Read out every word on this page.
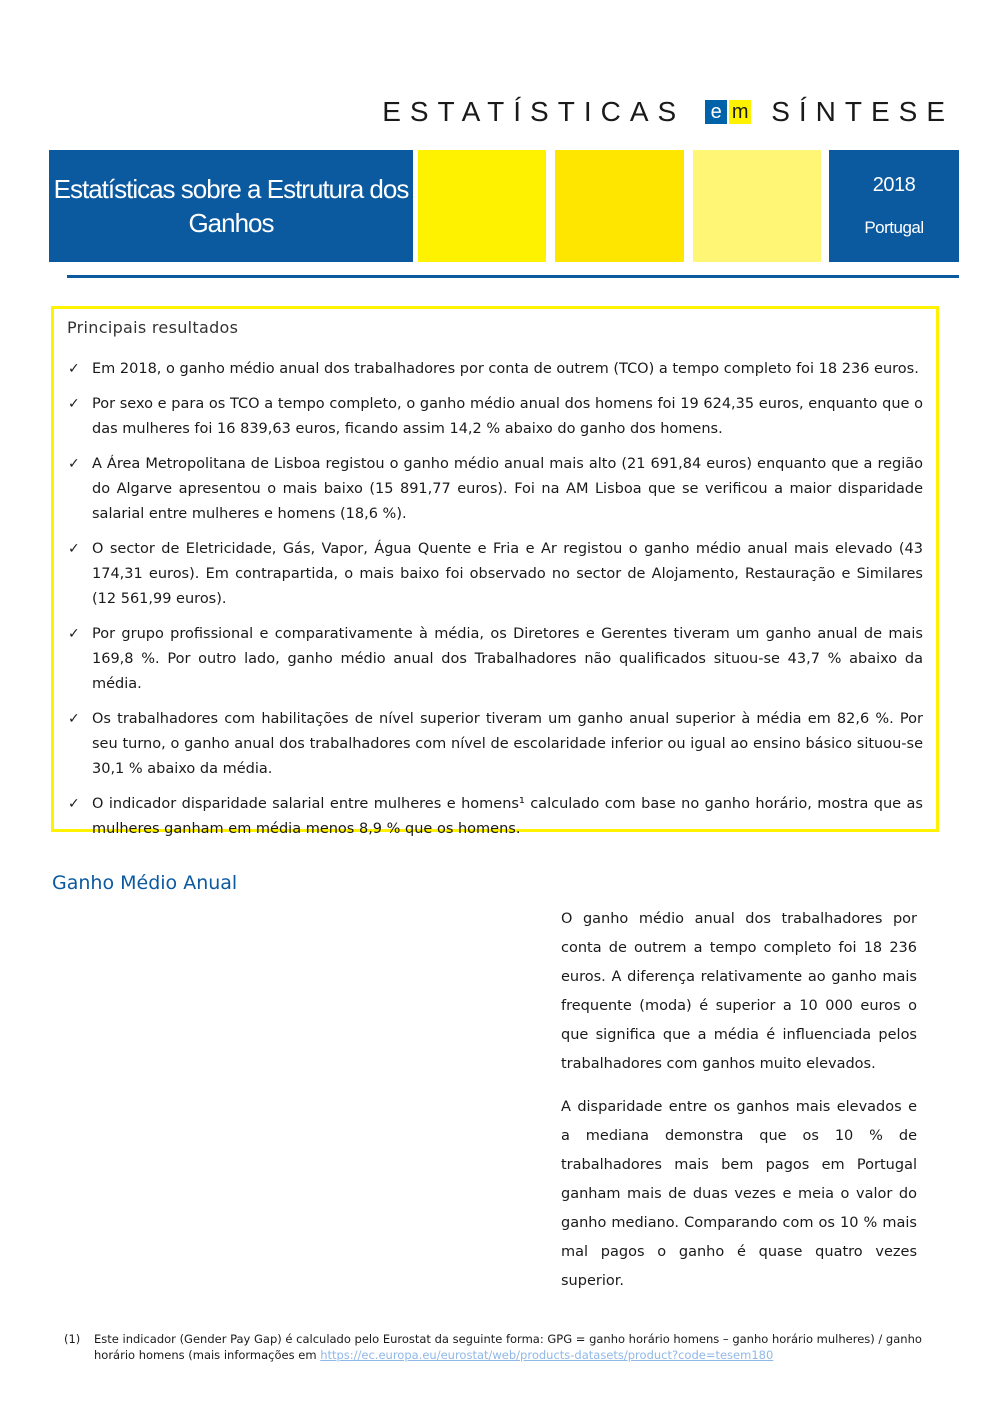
ESTATÍSTICAS e m SÍNTESE
Estatísticas sobre a Estrutura dos Ganhos
2018
Portugal
Principais resultados
✓ Em 2018, o ganho médio anual dos trabalhadores por conta de outrem (TCO) a tempo completo foi 18 236 euros.
✓ Por sexo e para os TCO a tempo completo, o ganho médio anual dos homens foi 19 624,35 euros, enquanto que o das mulheres foi 16 839,63 euros, ficando assim 14,2 % abaixo do ganho dos homens.
✓ A Área Metropolitana de Lisboa registou o ganho médio anual mais alto (21 691,84 euros) enquanto que a região do Algarve apresentou o mais baixo (15 891,77 euros). Foi na AM Lisboa que se verificou a maior disparidade salarial entre mulheres e homens (18,6 %).
✓ O sector de Eletricidade, Gás, Vapor, Água Quente e Fria e Ar registou o ganho médio anual mais elevado (43 174,31 euros). Em contrapartida, o mais baixo foi observado no sector de Alojamento, Restauração e Similares (12 561,99 euros).
✓ Por grupo profissional e comparativamente à média, os Diretores e Gerentes tiveram um ganho anual de mais 169,8 %. Por outro lado, ganho médio anual dos Trabalhadores não qualificados situou-se 43,7 % abaixo da média.
✓ Os trabalhadores com habilitações de nível superior tiveram um ganho anual superior à média em 82,6 %. Por seu turno, o ganho anual dos trabalhadores com nível de escolaridade inferior ou igual ao ensino básico situou-se 30,1 % abaixo da média.
✓ O indicador disparidade salarial entre mulheres e homens¹ calculado com base no ganho horário, mostra que as mulheres ganham em média menos 8,9 % que os homens.
Ganho Médio Anual

O ganho médio anual dos trabalhadores por conta de outrem a tempo completo foi 18 236 euros. A diferença relativamente ao ganho mais frequente (moda) é superior a 10 000 euros o que significa que a média é influenciada pelos trabalhadores com ganhos muito elevados.

A disparidade entre os ganhos mais elevados e a mediana demonstra que os 10 % de trabalhadores mais bem pagos em Portugal ganham mais de duas vezes e meia o valor do ganho mediano. Comparando com os 10 % mais mal pagos o ganho é quase quatro vezes superior.

(1) Este indicador (Gender Pay Gap) é calculado pelo Eurostat da seguinte forma: GPG = ganho horário homens – ganho horário mulheres) / ganho horário homens (mais informações em https://ec.europa.eu/eurostat/web/products-datasets/product?code=tesem180
